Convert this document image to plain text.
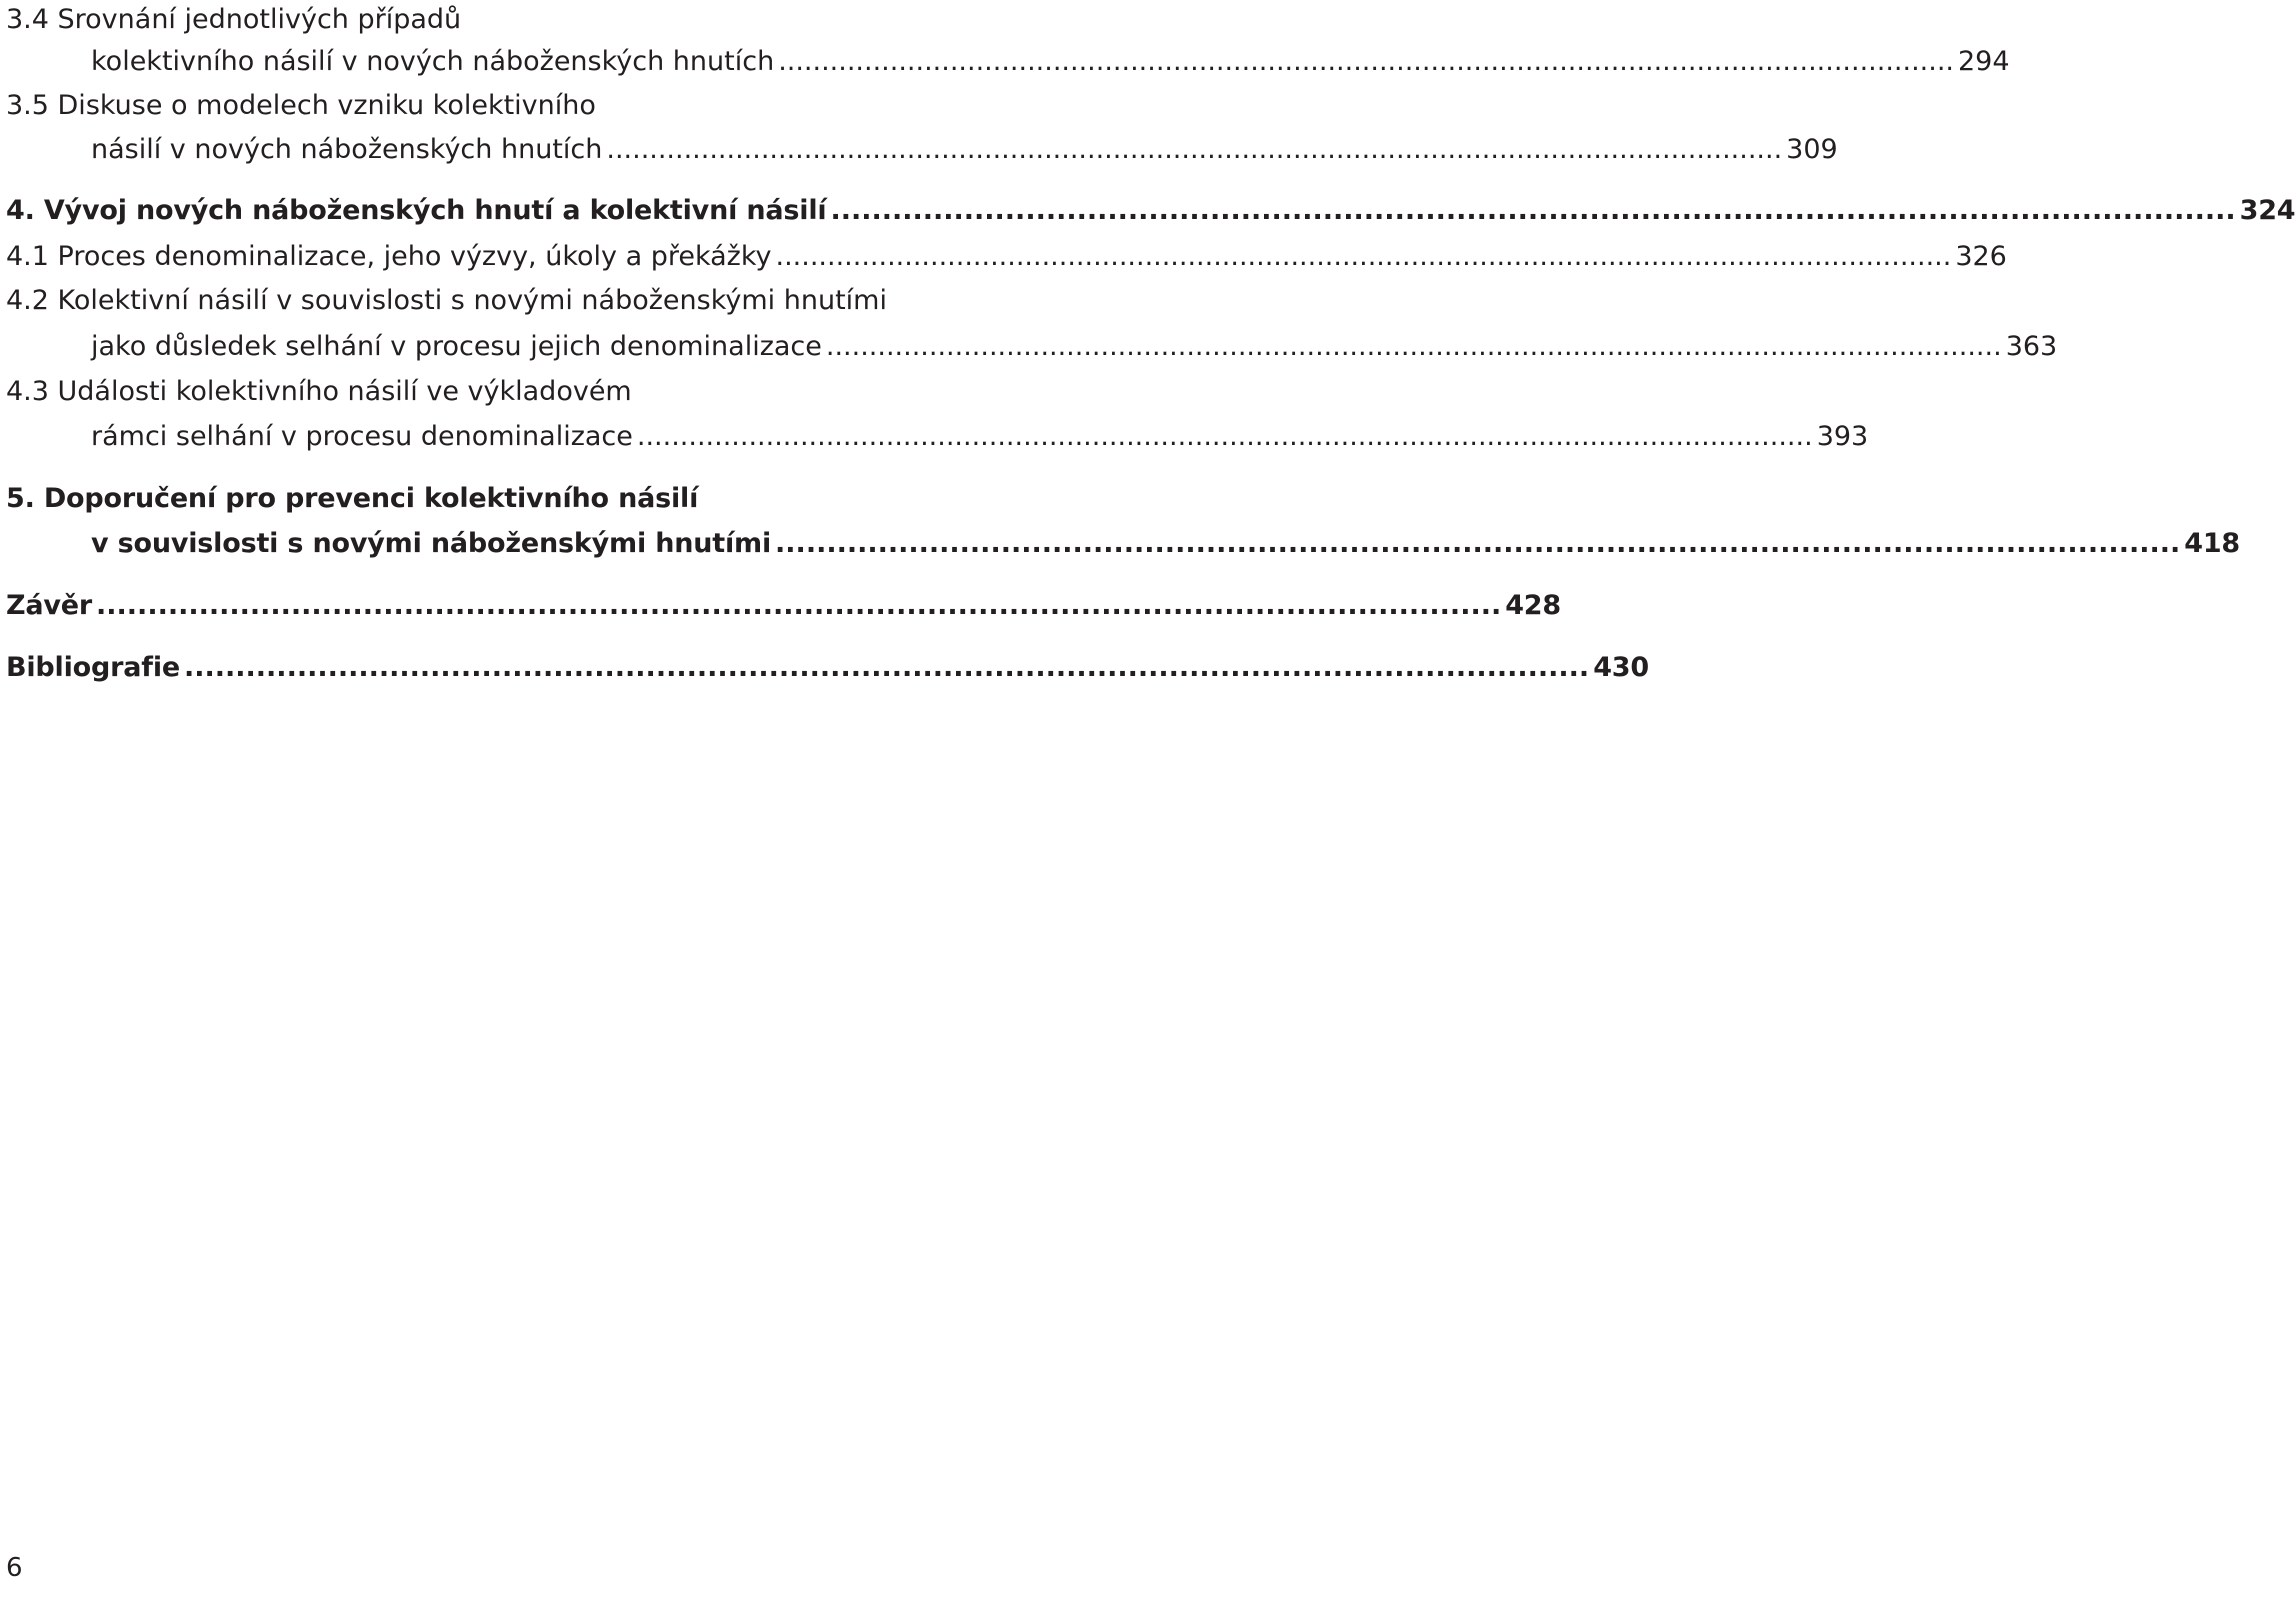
3.4 Srovnání jednotlivých případů
kolektivního násilí v nových náboženských hnutích ......................................................................................................................................... 294
3.5 Diskuse o modelech vzniku kolektivního
násilí v nových náboženských hnutích ......................................................................................................................................... 309
4. Vývoj nových náboženských hnutí a kolektivní násilí ......................................................................................................................................... 324
4.1 Proces denominalizace, jeho výzvy, úkoly a překážky ......................................................................................................................................... 326
4.2 Kolektivní násilí v souvislosti s novými náboženskými hnutími
jako důsledek selhání v procesu jejich denominalizace ......................................................................................................................................... 363
4.3 Události kolektivního násilí ve výkladovém
rámci selhání v procesu denominalizace ......................................................................................................................................... 393
5. Doporučení pro prevenci kolektivního násilí
v souvislosti s novými náboženskými hnutími ......................................................................................................................................... 418
Závěr ......................................................................................................................................... 428
Bibliografie ......................................................................................................................................... 430
6
